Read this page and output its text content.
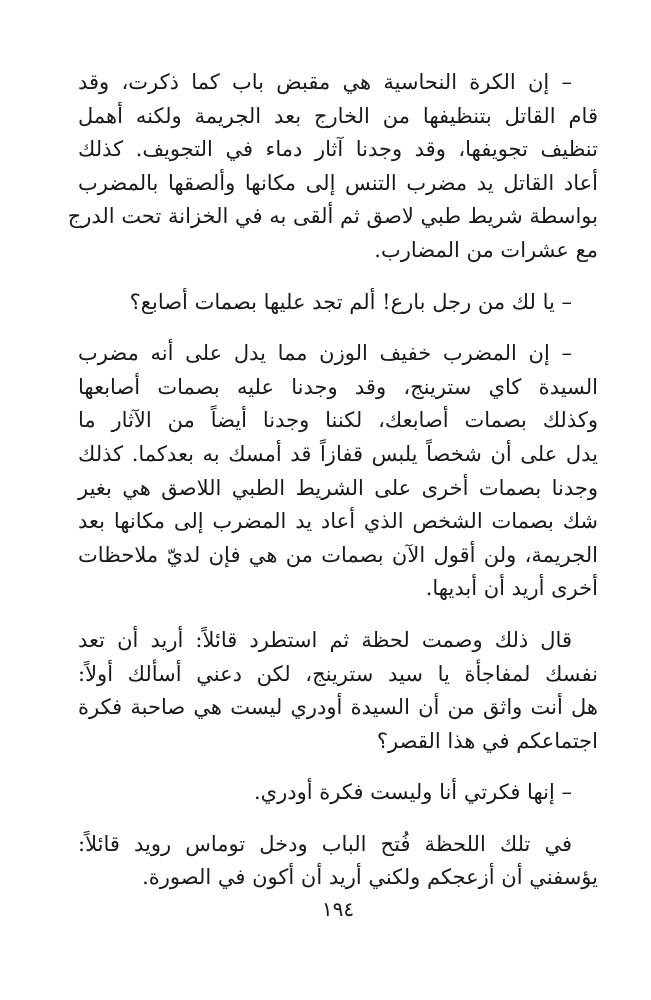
– إن الكرة النحاسية هي مقبض باب كما ذكرت، وقد
قام القاتل بتنظيفها من الخارج بعد الجريمة ولكنه أهمل
تنظيف تجويفها، وقد وجدنا آثار دماء في التجويف. كذلك
أعاد القاتل يد مضرب التنس إلى مكانها وألصقها بالمضرب
بواسطة شريط طبي لاصق ثم ألقى به في الخزانة تحت الدرج
مع عشرات من المضارب.

– يا لك من رجل بارع! ألم تجد عليها بصمات أصابع؟

– إن المضرب خفيف الوزن مما يدل على أنه مضرب
السيدة كاي سترينج، وقد وجدنا عليه بصمات أصابعها
وكذلك بصمات أصابعك، لكننا وجدنا أيضاً من الآثار ما
يدل على أن شخصاً يلبس قفازاً قد أمسك به بعدكما. كذلك
وجدنا بصمات أخرى على الشريط الطبي اللاصق هي بغير
شك بصمات الشخص الذي أعاد يد المضرب إلى مكانها بعد
الجريمة، ولن أقول الآن بصمات من هي فإن لديّ ملاحظات
أخرى أريد أن أبديها.

قال ذلك وصمت لحظة ثم استطرد قائلاً: أريد أن تعد
نفسك لمفاجأة يا سيد سترينج، لكن دعني أسألك أولاً:
هل أنت واثق من أن السيدة أودري ليست هي صاحبة فكرة
اجتماعكم في هذا القصر؟

– إنها فكرتي أنا وليست فكرة أودري.

في تلك اللحظة فُتح الباب ودخل توماس رويد قائلاً:
يؤسفني أن أزعجكم ولكني أريد أن أكون في الصورة.

١٩٤
